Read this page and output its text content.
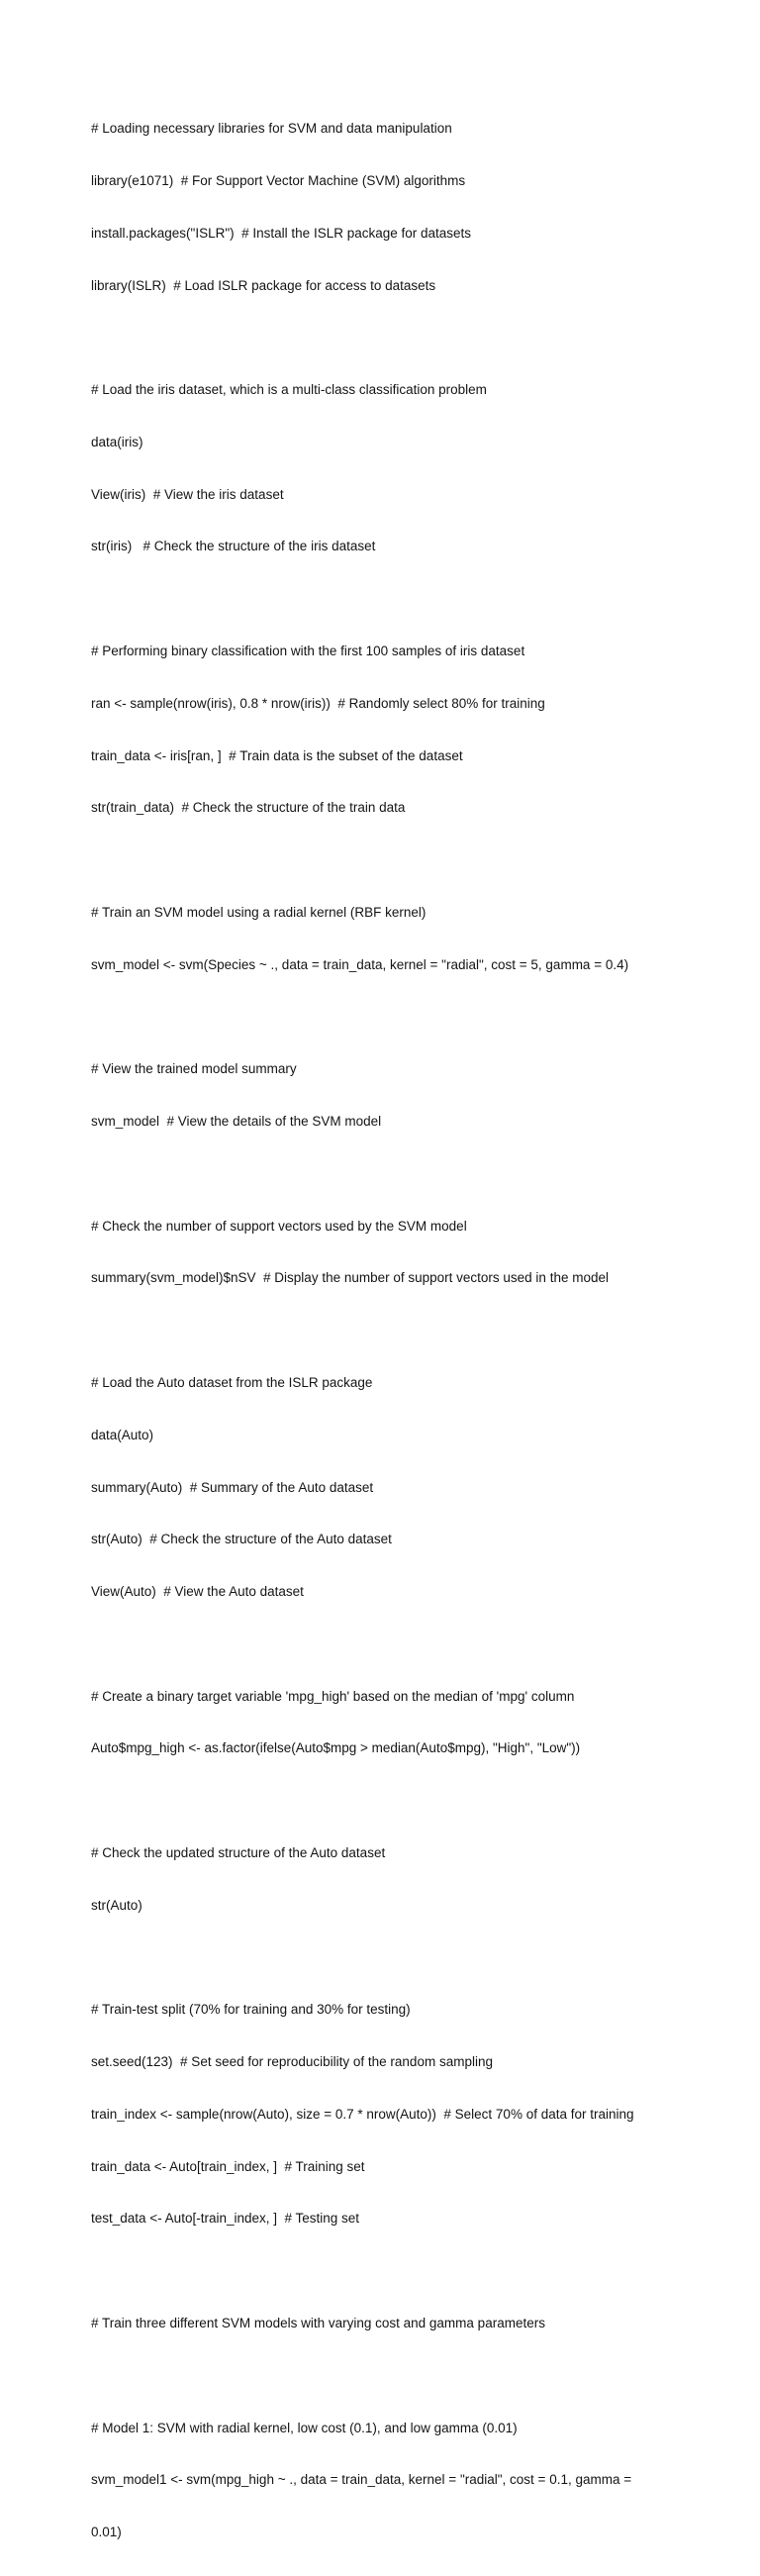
# Loading necessary libraries for SVM and data manipulation

library(e1071)  # For Support Vector Machine (SVM) algorithms

install.packages("ISLR")  # Install the ISLR package for datasets

library(ISLR)  # Load ISLR package for access to datasets

# Load the iris dataset, which is a multi-class classification problem

data(iris)

View(iris)  # View the iris dataset

str(iris)   # Check the structure of the iris dataset

# Performing binary classification with the first 100 samples of iris dataset

ran <- sample(nrow(iris), 0.8 * nrow(iris))  # Randomly select 80% for training

train_data <- iris[ran, ]  # Train data is the subset of the dataset

str(train_data)  # Check the structure of the train data

# Train an SVM model using a radial kernel (RBF kernel)

svm_model <- svm(Species ~ ., data = train_data, kernel = "radial", cost = 5, gamma = 0.4)

# View the trained model summary

svm_model  # View the details of the SVM model

# Check the number of support vectors used by the SVM model

summary(svm_model)$nSV  # Display the number of support vectors used in the model

# Load the Auto dataset from the ISLR package

data(Auto)

summary(Auto)  # Summary of the Auto dataset

str(Auto)  # Check the structure of the Auto dataset

View(Auto)  # View the Auto dataset

# Create a binary target variable 'mpg_high' based on the median of 'mpg' column

Auto$mpg_high <- as.factor(ifelse(Auto$mpg > median(Auto$mpg), "High", "Low"))

# Check the updated structure of the Auto dataset

str(Auto)

# Train-test split (70% for training and 30% for testing)

set.seed(123)  # Set seed for reproducibility of the random sampling

train_index <- sample(nrow(Auto), size = 0.7 * nrow(Auto))  # Select 70% of data for training

train_data <- Auto[train_index, ]  # Training set

test_data <- Auto[-train_index, ]  # Testing set

# Train three different SVM models with varying cost and gamma parameters

# Model 1: SVM with radial kernel, low cost (0.1), and low gamma (0.01)

svm_model1 <- svm(mpg_high ~ ., data = train_data, kernel = "radial", cost = 0.1, gamma =

0.01)
